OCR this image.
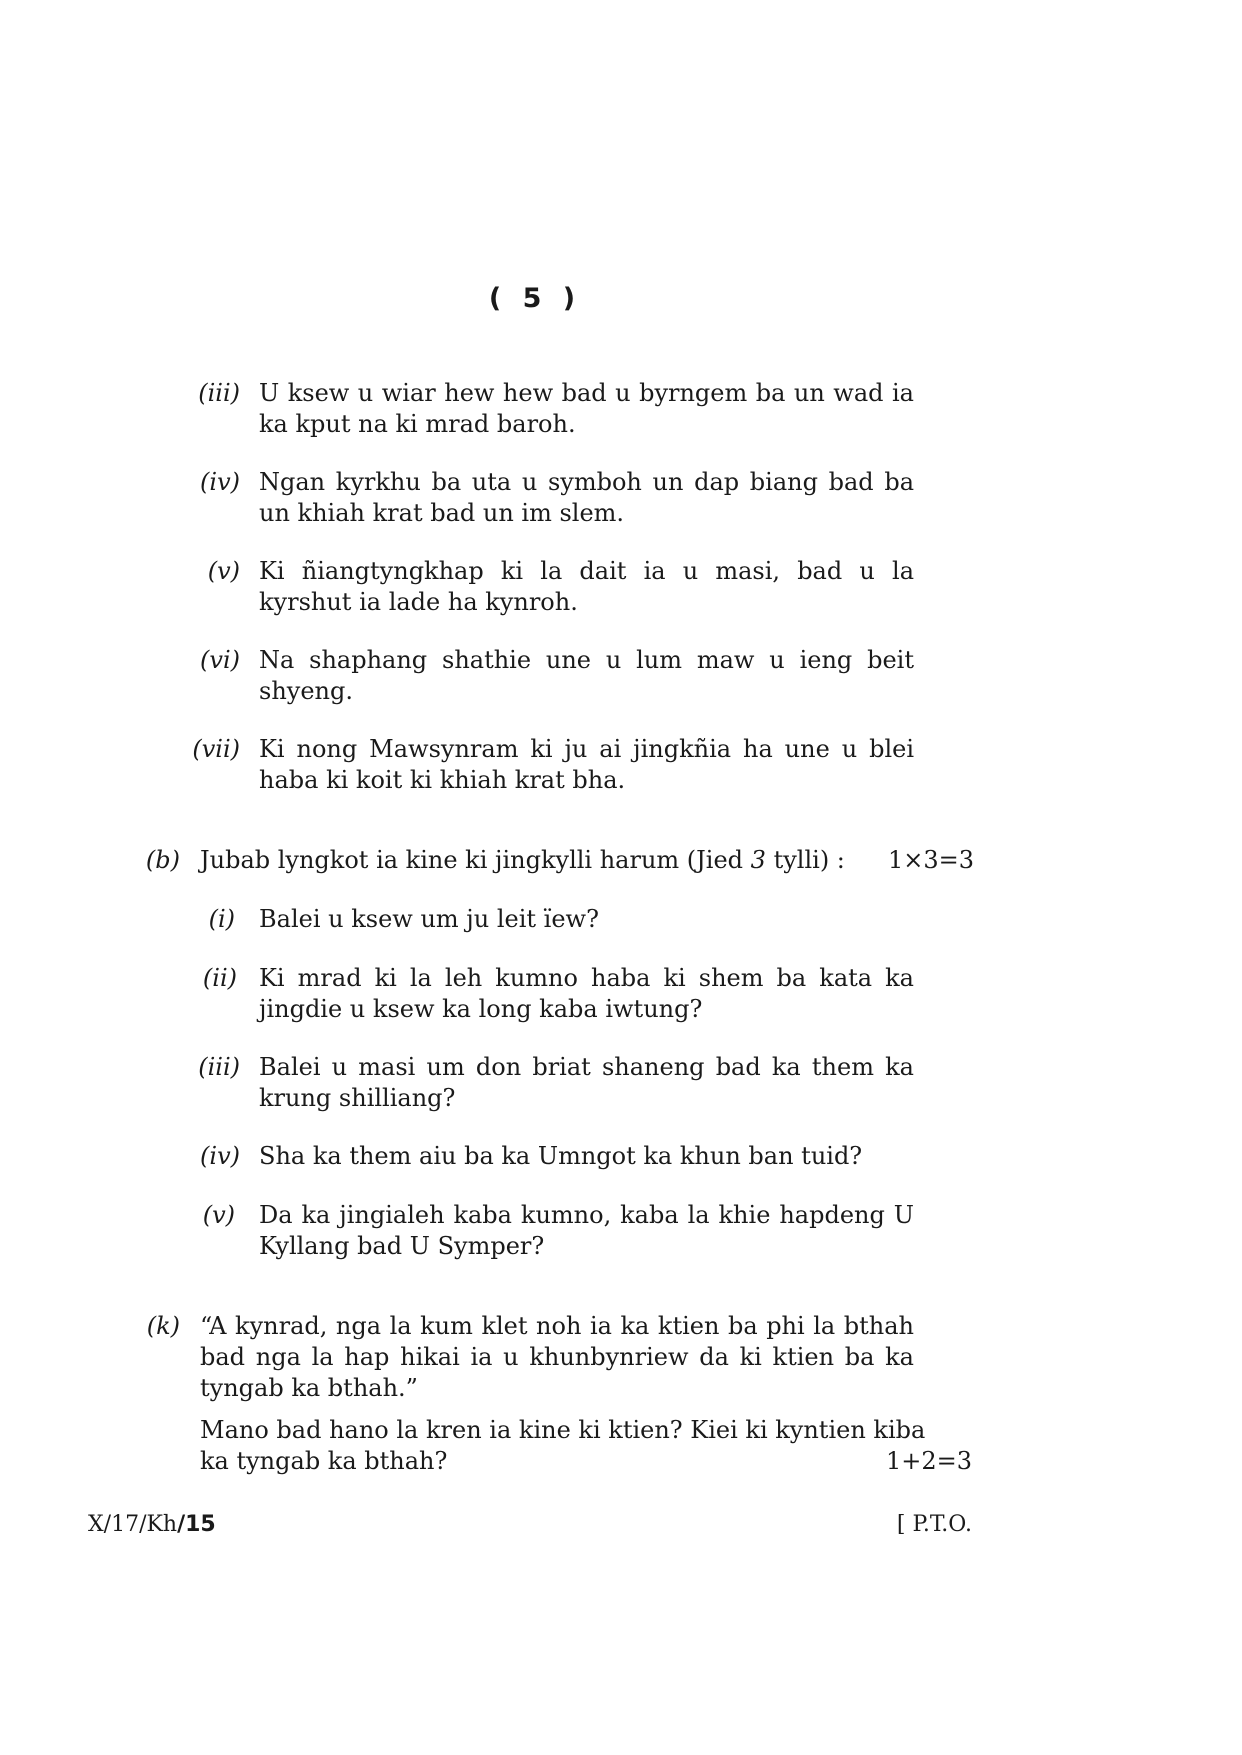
( 5 )
(iii) U ksew u wiar hew hew bad u byrngem ba un wad ia ka kput na ki mrad baroh.
(iv) Ngan kyrkhu ba uta u symboh un dap biang bad ba un khiah krat bad un im slem.
(v) Ki ñiangtyngkhap ki la dait ia u masi, bad u la kyrshut ia lade ha kynroh.
(vi) Na shaphang shathie une u lum maw u ieng beit shyeng.
(vii) Ki nong Mawsynram ki ju ai jingkñia ha une u blei haba ki koit ki khiah krat bha.
(b) Jubab lyngkot ia kine ki jingkylli harum (Jied 3 tylli) : 1×3=3
(i) Balei u ksew um ju leit ïew?
(ii) Ki mrad ki la leh kumno haba ki shem ba kata ka jingdie u ksew ka long kaba iwtung?
(iii) Balei u masi um don briat shaneng bad ka them ka krung shilliang?
(iv) Sha ka them aiu ba ka Umngot ka khun ban tuid?
(v) Da ka jingialeh kaba kumno, kaba la khie hapdeng U Kyllang bad U Symper?
(k) “A kynrad, nga la kum klet noh ia ka ktien ba phi la bthah bad nga la hap hikai ia u khunbynriew da ki ktien ba ka tyngab ka bthah.”
Mano bad hano la kren ia kine ki ktien? Kiei ki kyntien kiba
ka tyngab ka bthah?	1+2=3
X/17/Kh/15	[ P.T.O.
